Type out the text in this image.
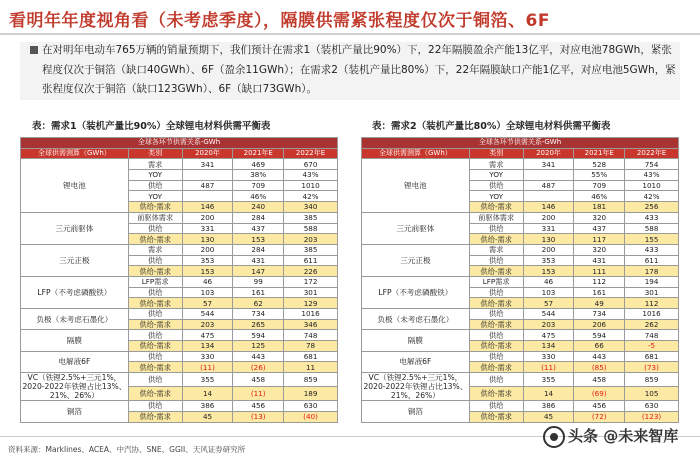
看明年年度视角看（未考虑季度），隔膜供需紧张程度仅次于铜箔、6F
在对明年电动车765万辆的销量预期下，我们预计在需求1（装机产量比90%）下，22年隔膜盈余产能13亿平，对应电池78GWh，紧张程度仅次于铜箔（缺口40GWh）、6F（盈余11GWh）；在需求2（装机产量比80%）下，22年隔膜缺口产能1亿平，对应电池5GWh，紧张程度仅次于铜箔（缺口123GWh）、6F（缺口73GWh）。
表：需求1（装机产量比90%）全球锂电材料供需平衡表	表：需求2（装机产量比80%）全球锂电材料供需平衡表
全球各环节供需关系-GWh				
全球供需测算（GWh）	类别	2020年	2021年E	2022年E
锂电池	需求	341	469	670
	YOY		38%	43%
	供给	487	709	1010
	YOY		46%	42%
	供给-需求	146	240	340
三元前驱体	前驱体需求	200	284	385
	供给	331	437	588
	供给-需求	130	153	203
三元正极	需求	200	284	385
	供给	353	431	611
	供给-需求	153	147	226
LFP（不考虑磷酸铁）	LFP需求	46	99	172
	供给	103	161	301
	供给-需求	57	62	129
负极（未考虑石墨化）	供给	544	734	1016
	供给-需求	203	265	346
隔膜	供给	475	594	748
	供给-需求	134	125	78
电解液6F	供给	330	443	681
	供给-需求	(11)	(26)	11
VC（铁锂2.5%+三元1%，2020-2022年铁锂占比13%、21%、26%）	供给	355	458	859
	供给-需求	14	(11)	189
铜箔	供给	386	456	630
	供给-需求	45	(13)	(40)
全球各环节供需关系-GWh				
全球供需测算（GWh）	类别	2020年	2021年E	2022年E
锂电池	需求	341	528	754
	YOY		55%	43%
	供给	487	709	1010
	YOY		46%	42%
	供给-需求	146	181	256
三元前驱体	前驱体需求	200	320	433
	供给	331	437	588
	供给-需求	130	117	155
三元正极	需求	200	320	433
	供给	353	431	611
	供给-需求	153	111	178
LFP（不考虑磷酸铁）	LFP需求	46	112	194
	供给	103	161	301
	供给-需求	57	49	112
负极（未考虑石墨化）	供给	544	734	1016
	供给-需求	203	206	262
隔膜	供给	475	594	748
	供给-需求	134	66	-5
电解液6F	供给	330	443	681
	供给-需求	(11)	(85)	(73)
VC（铁锂2.5%+三元1%，2020-2022年铁锂占比13%、21%、26%）	供给	355	458	859
	供给-需求	14	(69)	105
铜箔	供给	386	456	630
	供给-需求	45	(72)	(123)
资料来源：Marklines、ACEA、中汽协、SNE、GGII、天风证券研究所
头条 @未来智库
